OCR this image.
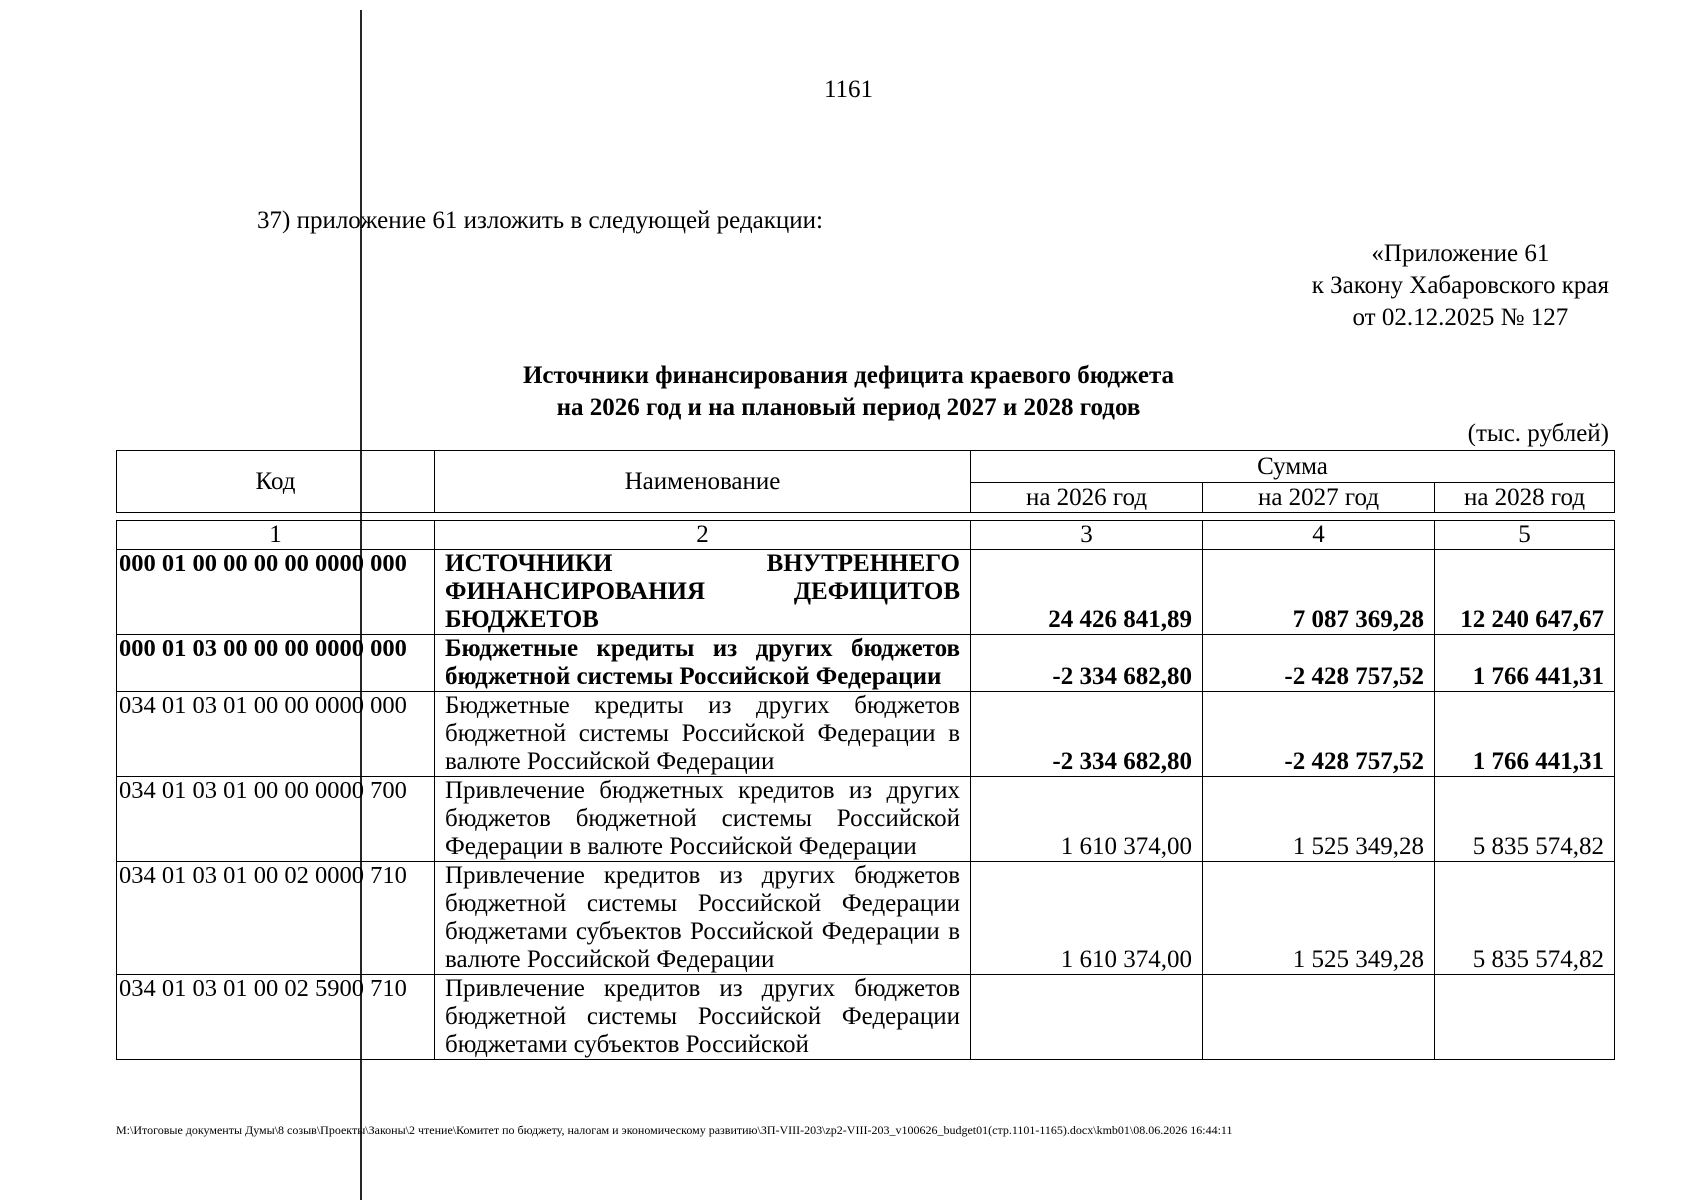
1161
37) приложение 61 изложить в следующей редакции:
«Приложение 61
к Закону Хабаровского края
от 02.12.2025 № 127
Источники финансирования дефицита краевого бюджета
на 2026 год и на плановый период 2027 и 2028 годов
(тыс. рублей)
Код	Наименование	Сумма		
		на 2026 год	на 2027 год	на 2028 год
1	2	3	4	5
000 01 00 00 00 00 0000 000	ИСТОЧНИКИ ВНУТРЕННЕГО ФИНАНСИРОВАНИЯ ДЕФИЦИТОВ БЮДЖЕТОВ	24 426 841,89	7 087 369,28	12 240 647,67
000 01 03 00 00 00 0000 000	Бюджетные кредиты из других бюджетов бюджетной системы Российской Федерации	-2 334 682,80	-2 428 757,52	1 766 441,31
034 01 03 01 00 00 0000 000	Бюджетные кредиты из других бюджетов бюджетной системы Российской Федерации в валюте Российской Федерации	-2 334 682,80	-2 428 757,52	1 766 441,31
034 01 03 01 00 00 0000 700	Привлечение бюджетных кредитов из других бюджетов бюджетной системы Российской Федерации в валюте Российской Федерации	1 610 374,00	1 525 349,28	5 835 574,82
034 01 03 01 00 02 0000 710	Привлечение кредитов из других бюджетов бюджетной системы Российской Федерации бюджетами субъектов Российской Федерации в валюте Российской Федерации	1 610 374,00	1 525 349,28	5 835 574,82
034 01 03 01 00 02 5900 710	Привлечение кредитов из других бюджетов бюджетной системы Российской Федерации бюджетами субъектов Российской			
M:\Итоговые документы Думы\8 созыв\Проекты\Законы\2 чтение\Комитет по бюджету, налогам и экономическому развитию\ЗП-VIII-203\zp2-VIII-203_v100626_budget01(стр.1101-1165).docx\kmb01\08.06.2026 16:44:11
